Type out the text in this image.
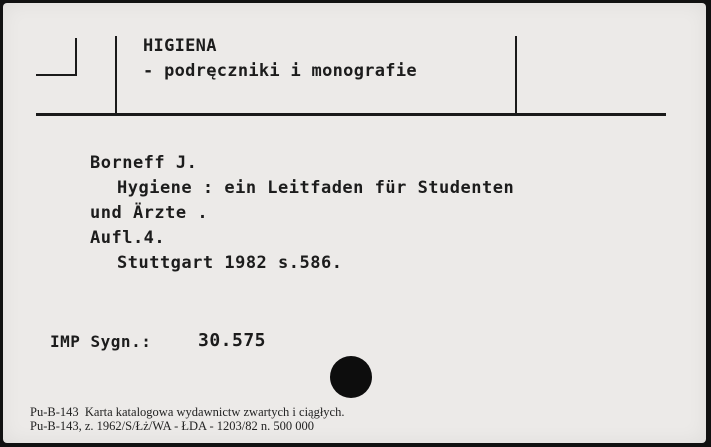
HIGIENA
- podręczniki i monografie
Borneff J.
Hygiene : ein Leitfaden für Studenten
und Ärzte .
Aufl.4.
Stuttgart 1982 s.586.
IMP Sygn.:	30.575
Pu-B-143  Karta katalogowa wydawnictw zwartych i ciągłych.
Pu-B-143, z. 1962/S/Łż/WA - ŁDA - 1203/82 n. 500 000
